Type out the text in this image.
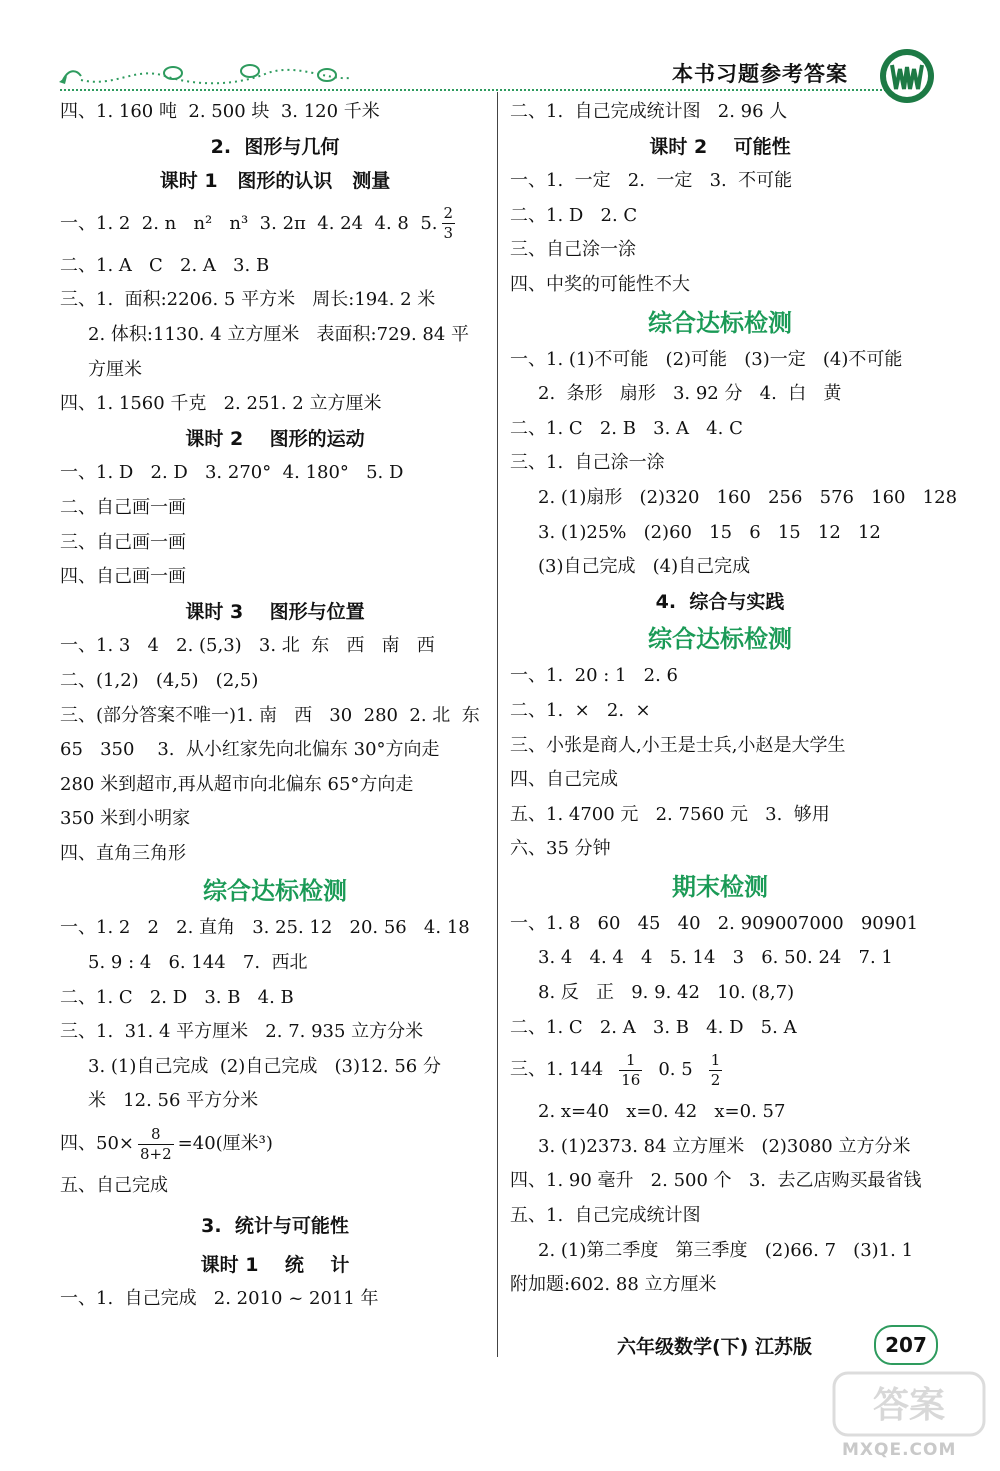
本书习题参考答案
四、1. 160 吨  2. 500 块  3. 120 千米
2.  图形与几何
课时 1   图形的认识   测量
一、1. 2  2. n   n²   n³  3. 2π  4. 24  4. 8  5. $\frac{2}{3}$
二、1. A   C   2. A   3. B
三、1.  面积:2206. 5 平方米   周长:194. 2 米
2. 体积:1130. 4 立方厘米   表面积:729. 84 平
方厘米
四、1. 1560 千克   2. 251. 2 立方厘米
课时 2    图形的运动
一、1. D   2. D   3. 270°  4. 180°   5. D
二、自己画一画
三、自己画一画
四、自己画一画
课时 3    图形与位置
一、1. 3   4   2. (5,3)   3. 北  东   西   南   西
二、(1,2)   (4,5)   (2,5)
三、(部分答案不唯一)1. 南   西   30  280  2. 北  东
65   350    3.  从小红家先向北偏东 30°方向走
280 米到超市,再从超市向北偏东 65°方向走
350 米到小明家
四、直角三角形
综合达标检测
一、1. 2   2   2. 直角   3. 25. 12   20. 56   4. 18
5. 9 : 4   6. 144   7.  西北
二、1. C   2. D   3. B   4. B
三、1.  31. 4 平方厘米   2. 7. 935 立方分米
3. (1)自己完成  (2)自己完成   (3)12. 56 分
米   12. 56 平方分米
四、$50\times \frac{8}{8+2} =40$(厘米³)
五、自己完成
3.  统计与可能性
课时 1    统    计
一、1.  自己完成   2. 2010 ~ 2011 年
二、1.  自己完成统计图   2. 96 人
课时 2    可能性
一、1.  一定   2.  一定   3.  不可能
二、1. D   2. C
三、自己涂一涂
四、中奖的可能性不大
综合达标检测
一、1. (1)不可能   (2)可能   (3)一定   (4)不可能
2.  条形   扇形   3. 92 分   4.  白   黄
二、1. C   2. B   3. A   4. C
三、1.  自己涂一涂
2. (1)扇形   (2)320   160   256   576   160   128
3. (1)25%   (2)60   15   6   15   12   12
(3)自己完成   (4)自己完成
4.  综合与实践
综合达标检测
一、1.  20 : 1   2. 6
二、1.  ×   2.  ×
三、小张是商人,小王是士兵,小赵是大学生
四、自己完成
五、1. 4700 元   2. 7560 元   3.  够用
六、35 分钟
期末检测
一、1. 8   60   45   40   2. 909007000   90901
3. 4   4. 4   4   5. 14   3   6. 50. 24   7. 1
8. 反   正   9. 9. 42   10. (8,7)
二、1. C   2. A   3. B   4. D   5. A
三、1. $144 \frac{1}{16} 0$. $5 \frac{1}{2}$
2. x=40   x=0. 42   x=0. 57
3. (1)2373. 84 立方厘米   (2)3080 立方分米
四、1. 90 毫升   2. 500 个   3.  去乙店购买最省钱
五、1.  自己完成统计图
2. (1)第二季度   第三季度   (2)66. 7   (3)1. 1
附加题:602. 88 立方厘米
六年级数学(下) 江苏版	207
答案
MXQE.COM
